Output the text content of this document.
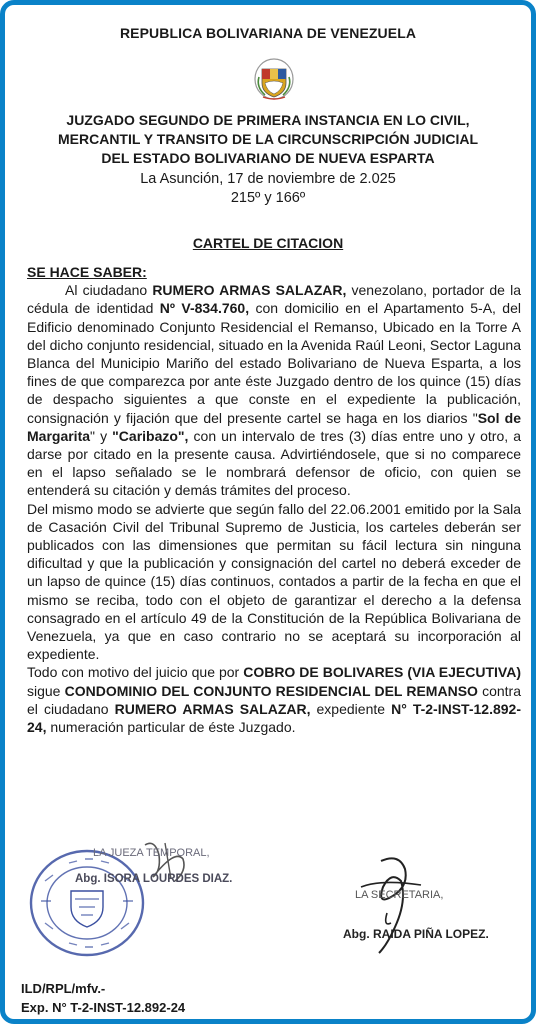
REPUBLICA BOLIVARIANA DE VENEZUELA
JUZGADO SEGUNDO DE PRIMERA INSTANCIA EN LO CIVIL,
MERCANTIL Y TRANSITO DE LA CIRCUNSCRIPCIÓN JUDICIAL
DEL ESTADO BOLIVARIANO DE NUEVA ESPARTA
La Asunción, 17 de noviembre de 2.025
215º y 166º
CARTEL DE CITACION

SE HACE SABER:

Al ciudadano RUMERO ARMAS SALAZAR, venezolano, portador de la cédula de identidad Nº V-834.760, con domicilio en el Apartamento 5-A, del Edificio denominado Conjunto Residencial el Remanso, Ubicado en la Torre A del dicho conjunto residencial, situado en la Avenida Raúl Leoni, Sector Laguna Blanca del Municipio Mariño del estado Bolivariano de Nueva Esparta, a los fines de que comparezca por ante éste Juzgado dentro de los quince (15) días de despacho siguientes a que conste en el expediente la publicación, consignación y fijación que del presente cartel se haga en los diarios "Sol de Margarita" y "Caribazo", con un intervalo de tres (3) días entre uno y otro, a darse por citado en la presente causa. Advirtiéndosele, que si no comparece en el lapso señalado se le nombrará defensor de oficio, con quien se entenderá su citación y demás trámites del proceso.

Del mismo modo se advierte que según fallo del 22.06.2001 emitido por la Sala de Casación Civil del Tribunal Supremo de Justicia, los carteles deberán ser publicados con las dimensiones que permitan su fácil lectura sin ninguna dificultad y que la publicación y consignación del cartel no deberá exceder de un lapso de quince (15) días continuos, contados a partir de la fecha en que el mismo se reciba, todo con el objeto de garantizar el derecho a la defensa consagrado en el artículo 49 de la Constitución de la República Bolivariana de Venezuela, ya que en caso contrario no se aceptará su incorporación al expediente.

Todo con motivo del juicio que por COBRO DE BOLIVARES (VIA EJECUTIVA) sigue CONDOMINIO DEL CONJUNTO RESIDENCIAL DEL REMANSO contra el ciudadano RUMERO ARMAS SALAZAR, expediente N° T-2-INST-12.892-24, numeración particular de éste Juzgado.

LA JUEZA TEMPORAL,
Abg. ISORA LOURDES DIAZ.
LA SECRETARIA,
Abg. RAIDA PIÑA LOPEZ.
ILD/RPL/mfv.-
Exp. N° T-2-INST-12.892-24
